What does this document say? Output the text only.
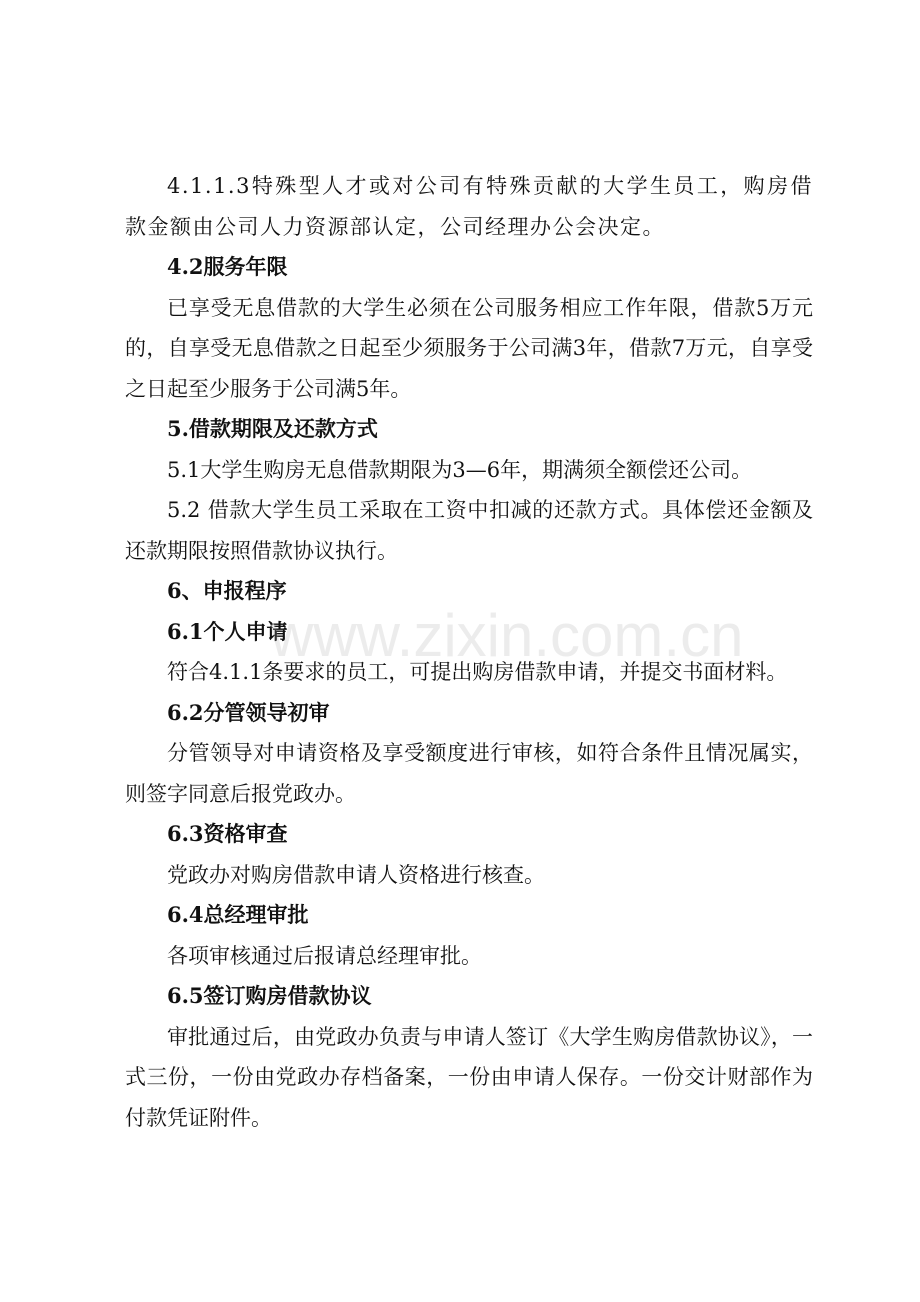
4.1.1.3特殊型人才或对公司有特殊贡献的大学生员工，购房借款金额由公司人力资源部认定，公司经理办公会决定。

4.2服务年限

已享受无息借款的大学生必须在公司服务相应工作年限，借款5万元的，自享受无息借款之日起至少须服务于公司满3年，借款7万元，自享受之日起至少服务于公司满5年。

5.借款期限及还款方式

5.1大学生购房无息借款期限为3—6年，期满须全额偿还公司。

5.2 借款大学生员工采取在工资中扣减的还款方式。具体偿还金额及还款期限按照借款协议执行。

6、申报程序

6.1个人申请

符合4.1.1条要求的员工，可提出购房借款申请，并提交书面材料。

6.2分管领导初审

分管领导对申请资格及享受额度进行审核，如符合条件且情况属实，则签字同意后报党政办。

6.3资格审查

党政办对购房借款申请人资格进行核查。

6.4总经理审批

各项审核通过后报请总经理审批。

6.5签订购房借款协议

审批通过后，由党政办负责与申请人签订《大学生购房借款协议》，一式三份，一份由党政办存档备案，一份由申请人保存。一份交计财部作为付款凭证附件。

www.zixin.com.cn
